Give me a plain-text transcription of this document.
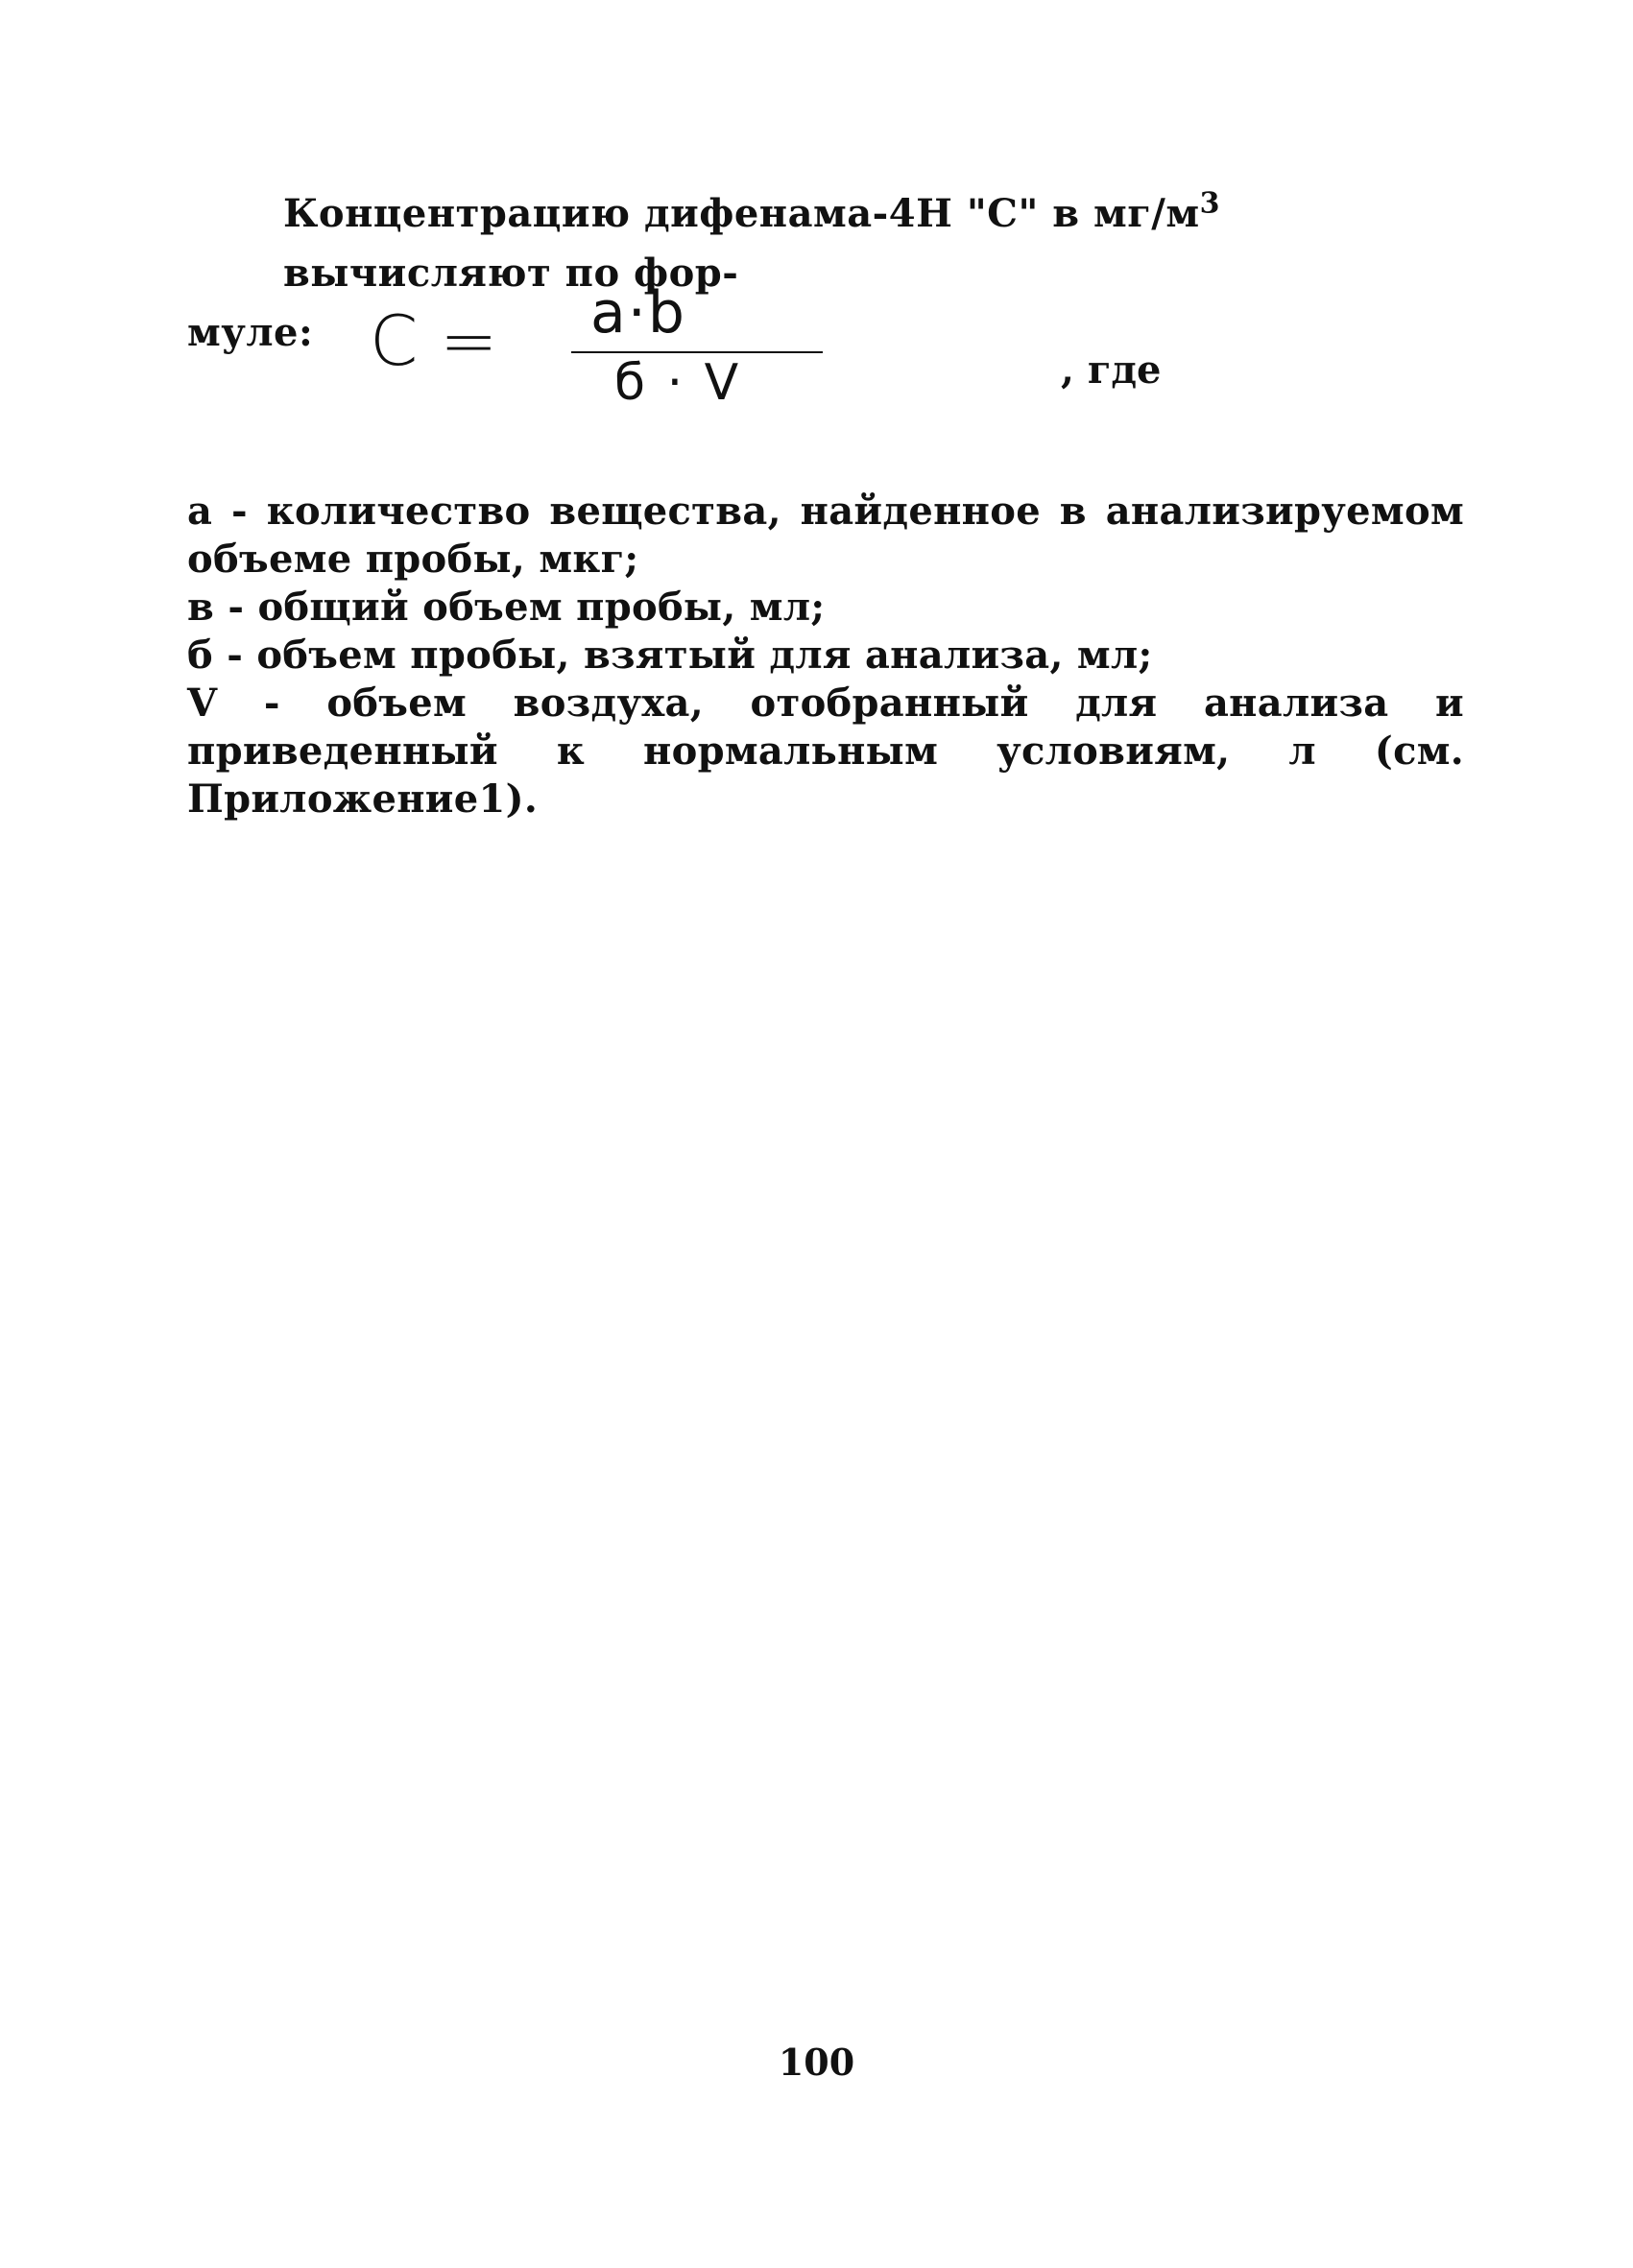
Концентрацию дифенама-4Н "С" в $мг/м^3$ вычисляют по фор-
муле: C = a·b
б · V	, где

а - количество вещества, найденное в анализируемом объеме пробы, мкг;

в - общий объем пробы, мл;

б - объем пробы, взятый для анализа, мл;

V - объем воздуха, отобранный для анализа и приведенный к нормальным условиям, л (см. Приложение1).

100
